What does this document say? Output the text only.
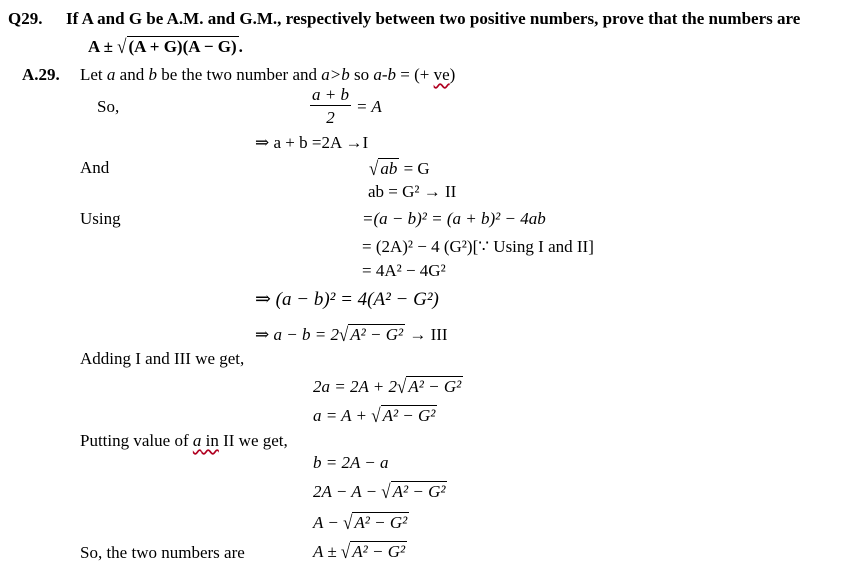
Q29. If A and G be A.M. and G.M., respectively between two positive numbers, prove that the numbers are
A ± √ (A + G)(A − G) .
A.29. Let a and b be the two number and a>b so a-b = (+ ve)
So,	$\frac{a + b}{2} = A$
⇒ a + b =2A →I
And	√ ab = G
ab = G² → II
Using	=(a − b)² = (a + b)² − 4ab
= (2A)² − 4 (G²)[∵ Using I and II]
= 4A² − 4G²
⇒ (a − b)² = 4(A² − G²)
⇒ a − b = 2√ A² − G² → III
Adding I and III we get,
2a = 2A + 2√ A² − G²
a = A + √ A² − G²
Putting value of a in II we get,
b = 2A − a
2A − A − √ A² − G²
A − √ A² − G²
So, the two numbers are	A ± √ A² − G²
